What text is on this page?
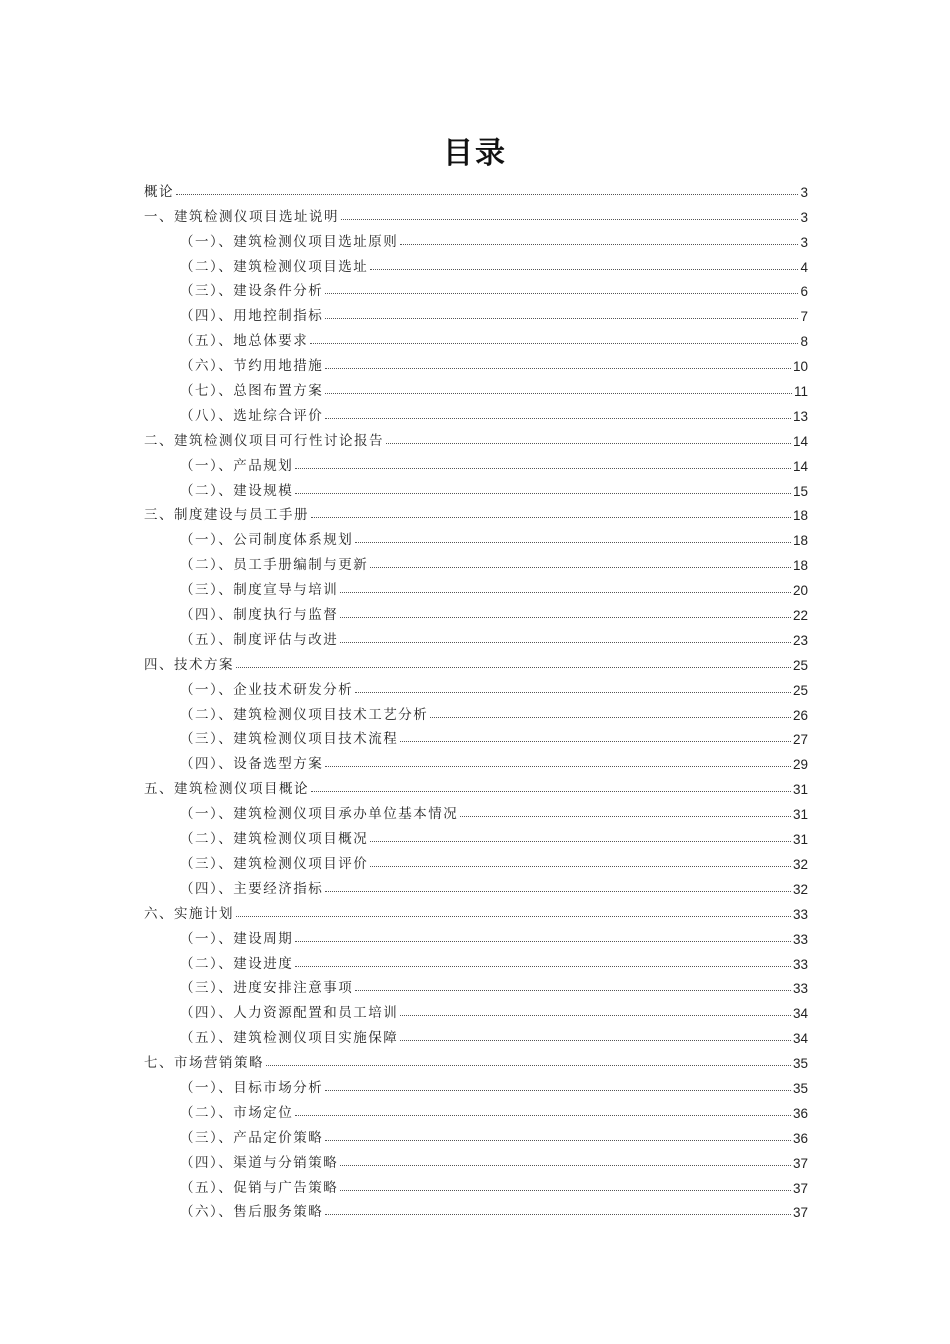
目录
概论	3
一、建筑检测仪项目选址说明	3
（一）、建筑检测仪项目选址原则	3
（二）、建筑检测仪项目选址	4
（三）、建设条件分析	6
（四）、用地控制指标	7
（五）、地总体要求	8
（六）、节约用地措施	10
（七）、总图布置方案	11
（八）、选址综合评价	13
二、建筑检测仪项目可行性讨论报告	14
（一）、产品规划	14
（二）、建设规模	15
三、制度建设与员工手册	18
（一）、公司制度体系规划	18
（二）、员工手册编制与更新	18
（三）、制度宣导与培训	20
（四）、制度执行与监督	22
（五）、制度评估与改进	23
四、技术方案	25
（一）、企业技术研发分析	25
（二）、建筑检测仪项目技术工艺分析	26
（三）、建筑检测仪项目技术流程	27
（四）、设备选型方案	29
五、建筑检测仪项目概论	31
（一）、建筑检测仪项目承办单位基本情况	31
（二）、建筑检测仪项目概况	31
（三）、建筑检测仪项目评价	32
（四）、主要经济指标	32
六、实施计划	33
（一）、建设周期	33
（二）、建设进度	33
（三）、进度安排注意事项	33
（四）、人力资源配置和员工培训	34
（五）、建筑检测仪项目实施保障	34
七、市场营销策略	35
（一）、目标市场分析	35
（二）、市场定位	36
（三）、产品定价策略	36
（四）、渠道与分销策略	37
（五）、促销与广告策略	37
（六）、售后服务策略	37
